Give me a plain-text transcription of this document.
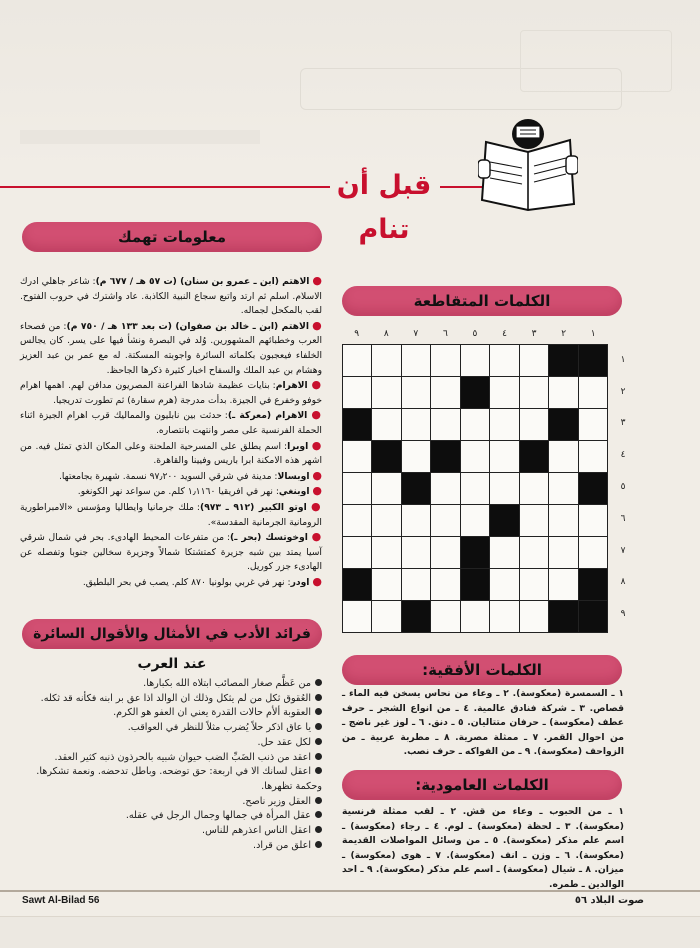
قبل أن تنام
معلومات تهمك

● الاهتم (ابن ـ عمرو بن سنان) (ت ٥٧ هـ / ٦٧٧ م): شاعر جاهلي ادرك الاسلام. اسلم ثم ارتد واتبع سجاع النبية الكاذبة. عاد واشترك في حروب الفتوح. لقب بالمكحل لجماله.

● الاهتم (ابن ـ خالد بن صفوان) (ت بعد ١٣٣ هـ / ٧٥٠ م): من فصحاء العرب وخطبائهم المشهورين. وُلد في البصرة ونشأ فيها على يسر. كان يجالس الخلفاء فيعجبون بكلماته السائرة واجوبته المسكتة. له مع عمر بن عبد العزيز وهشام بن عبد الملك والسفاح اخبار كثيرة ذكرها الجاحظ.

● الاهرام: بنايات عظيمة شادها الفراعنة المصريون مدافن لهم. اهمها اهرام خوفو وخفرع في الجيزة. بدأت مدرجة (هرم سقارة) ثم تطورت تدريجيا.

● الاهرام (معركة ـ): حدثت بين نابليون والمماليك قرب اهرام الجيزة اثناء الحملة الفرنسية على مصر وانتهت بانتصاره.

● اوبرا: اسم يطلق على المسرحية الملحنة وعلى المكان الذي تمثل فيه. من اشهر هذه الامكنة ابرا باريس وفيينا والقاهرة.

● اوبسالا: مدينة في شرقي السويد ٩٧٫٢٠٠ نسمة. شهيرة بجامعتها.

● اوبنغي: نهر في افريقيا ١٫١١٦٠ كلم. من سواعد نهر الكونغو.

● اوتو الكبير (٩١٢ ـ ٩٧٣): ملك جرمانيا وايطاليا ومؤسس «الامبراطورية الرومانية الجرمانية المقدسة».

● اوخوتسك (بحر ـ): من متفرعات المحيط الهادىء. بحر في شمال شرقي آسيا يمتد بين شبه جزيرة كمتشتكا شمالاً وجزيرة سخالين جنوبا وتفصله عن الهادىء جزر كوريل.

● اودر: نهر في غربي بولونيا ٨٧٠ كلم. يصب في بحر البلطيق.

فرائد الأدب في الأمثال والأقوال السائرة عند العرب
من عَظَّم صغار المصائب ابتلاه الله بكبارها.
العُقوق ثكل من لم يثكل وذلك ان الوالد اذا عق بر ابنه فكأنه قد ثكله.
العقوبة ألأم حالات القدرة يعني ان العفو هو الكرم.
يا عاق اذكر حلاً يُضرب مثلاً للنظر في العواقب.
لكل عقد حل.
اعقد من ذنب الضَبِّ الضب حيوان شبيه بالحرذون ذنبه كثير العقد.
اعقل لسانك الا في اربعة: حق توضحه. وباطل تدحضه. ونعمة تشكرها. وحكمة تظهرها.
العقل وزير ناصح.
عقل المرأة في جمالها وجمال الرجل في عقله.
اعقل الناس اعذرهم للناس.
اعلق من قراد.
الكلمات المتقاطعة
١
٢
٣
٤
٥
٦
٧
٨
٩
١
٢
٣
٤
٥
٦
٧
٨
٩

الكلمات الأفقية:
١ ـ السمسرة (معكوسة). ٢ ـ وعاء من نحاس يسخن فيه الماء ـ قصاص. ٣ ـ شركة فنادق عالمية. ٤ ـ من انواع الشجر ـ حرف عطف (معكوسة) ـ حرفان متتاليان. ٥ ـ دنق. ٦ ـ لوز غير ناضج ـ من احوال القمر. ٧ ـ ممثلة مصرية. ٨ ـ مطربة عربية ـ من الزواحف (معكوسة). ٩ ـ من الفواكه ـ حرف نصب.
الكلمات العامودية:
١ ـ من الحبوب ـ وعاء من قش. ٢ ـ لقب ممثلة فرنسية (معكوسة). ٣ ـ لحظة (معكوسة) ـ لوم. ٤ ـ رجاء (معكوسة) ـ اسم علم مذكر (معكوسة). ٥ ـ من وسائل المواصلات القديمة (معكوسة). ٦ ـ وزن ـ انف (معكوسة). ٧ ـ هوى (معكوسة) ـ ميزان. ٨ ـ شيال (معكوسة) ـ اسم علم مذكر (معكوسة). ٩ ـ احد الوالدين ـ طمره.
Sawt Al-Bilad 56	صوت البلاد ٥٦
